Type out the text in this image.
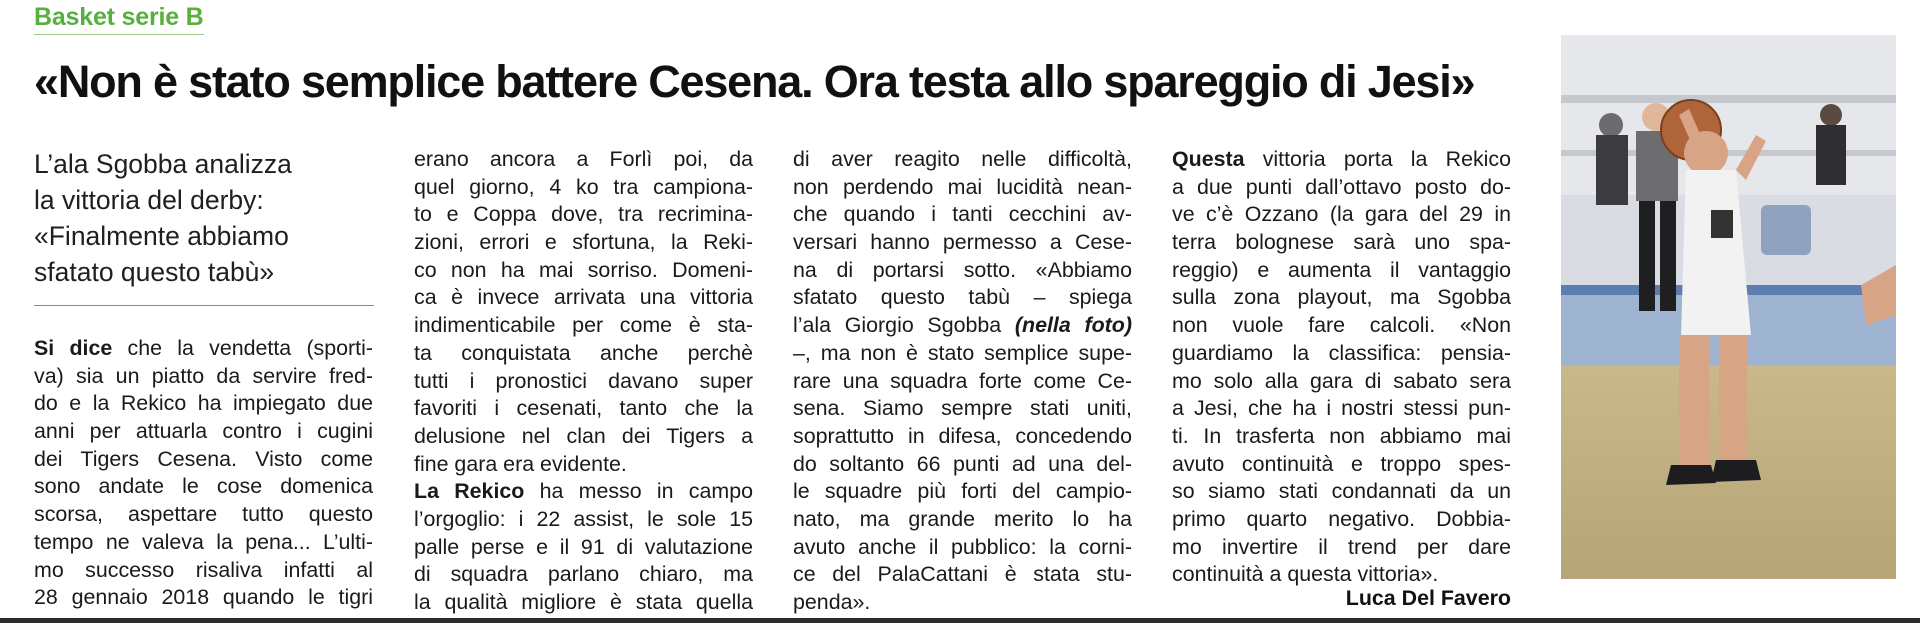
Basket serie B
«Non è stato semplice battere Cesena. Ora testa allo spareggio di Jesi»
L’ala Sgobba analizza
la vittoria del derby:
«Finalmente abbiamo
sfatato questo tabù»
Si dice che la vendetta (sporti-
va) sia un piatto da servire fred-
do e la Rekico ha impiegato due
anni per attuarla contro i cugini
dei Tigers Cesena. Visto come
sono andate le cose domenica
scorsa, aspettare tutto questo
tempo ne valeva la pena... L’ulti-
mo successo risaliva infatti al
28 gennaio 2018 quando le tigri
erano ancora a Forlì poi, da
quel giorno, 4 ko tra campiona-
to e Coppa dove, tra recrimina-
zioni, errori e sfortuna, la Reki-
co non ha mai sorriso. Domeni-
ca è invece arrivata una vittoria
indimenticabile per come è sta-
ta conquistata anche perchè
tutti i pronostici davano super
favoriti i cesenati, tanto che la
delusione nel clan dei Tigers a
fine gara era evidente.
La Rekico ha messo in campo
l’orgoglio: i 22 assist, le sole 15
palle perse e il 91 di valutazione
di squadra parlano chiaro, ma
la qualità migliore è stata quella
di aver reagito nelle difficoltà,
non perdendo mai lucidità nean-
che quando i tanti cecchini av-
versari hanno permesso a Cese-
na di portarsi sotto. «Abbiamo
sfatato questo tabù – spiega
l’ala Giorgio Sgobba (nella foto)
–, ma non è stato semplice supe-
rare una squadra forte come Ce-
sena. Siamo sempre stati uniti,
soprattutto in difesa, concedendo
do soltanto 66 punti ad una del-
le squadre più forti del campio-
nato, ma grande merito lo ha
avuto anche il pubblico: la corni-
ce del PalaCattani è stata stu-
penda».
Questa vittoria porta la Rekico
a due punti dall’ottavo posto do-
ve c’è Ozzano (la gara del 29 in
terra bolognese sarà uno spa-
reggio) e aumenta il vantaggio
sulla zona playout, ma Sgobba
non vuole fare calcoli. «Non
guardiamo la classifica: pensia-
mo solo alla gara di sabato sera
a Jesi, che ha i nostri stessi pun-
ti. In trasferta non abbiamo mai
avuto continuità e troppo spes-
so siamo stati condannati da un
primo quarto negativo. Dobbia-
mo invertire il trend per dare
continuità a questa vittoria».
Luca Del Favero
